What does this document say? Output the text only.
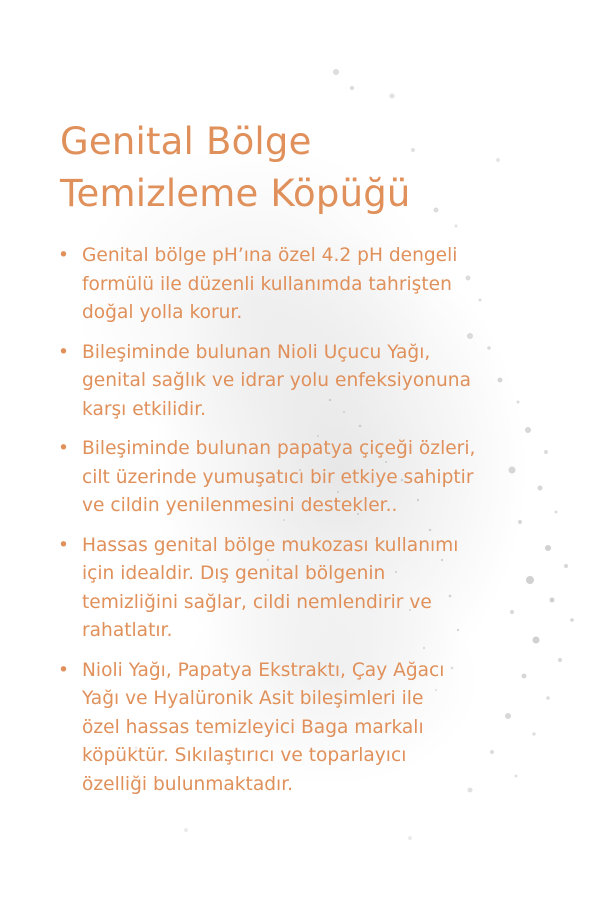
Genital Bölge
Temizleme Köpüğü
• Genital bölge pH’ına özel 4.2 pH dengeli
formülü ile düzenli kullanımda tahrişten
doğal yolla korur.
• Bileşiminde bulunan Nioli Uçucu Yağı,
genital sağlık ve idrar yolu enfeksiyonuna
karşı etkilidir.
• Bileşiminde bulunan papatya çiçeği özleri,
cilt üzerinde yumuşatıcı bir etkiye sahiptir
ve cildin yenilenmesini destekler..
• Hassas genital bölge mukozası kullanımı
için idealdir. Dış genital bölgenin
temizliğini sağlar, cildi nemlendirir ve
rahatlatır.
• Nioli Yağı, Papatya Ekstraktı, Çay Ağacı
Yağı ve Hyalüronik Asit bileşimleri ile
özel hassas temizleyici Baga markalı
köpüktür. Sıkılaştırıcı ve toparlayıcı
özelliği bulunmaktadır.
